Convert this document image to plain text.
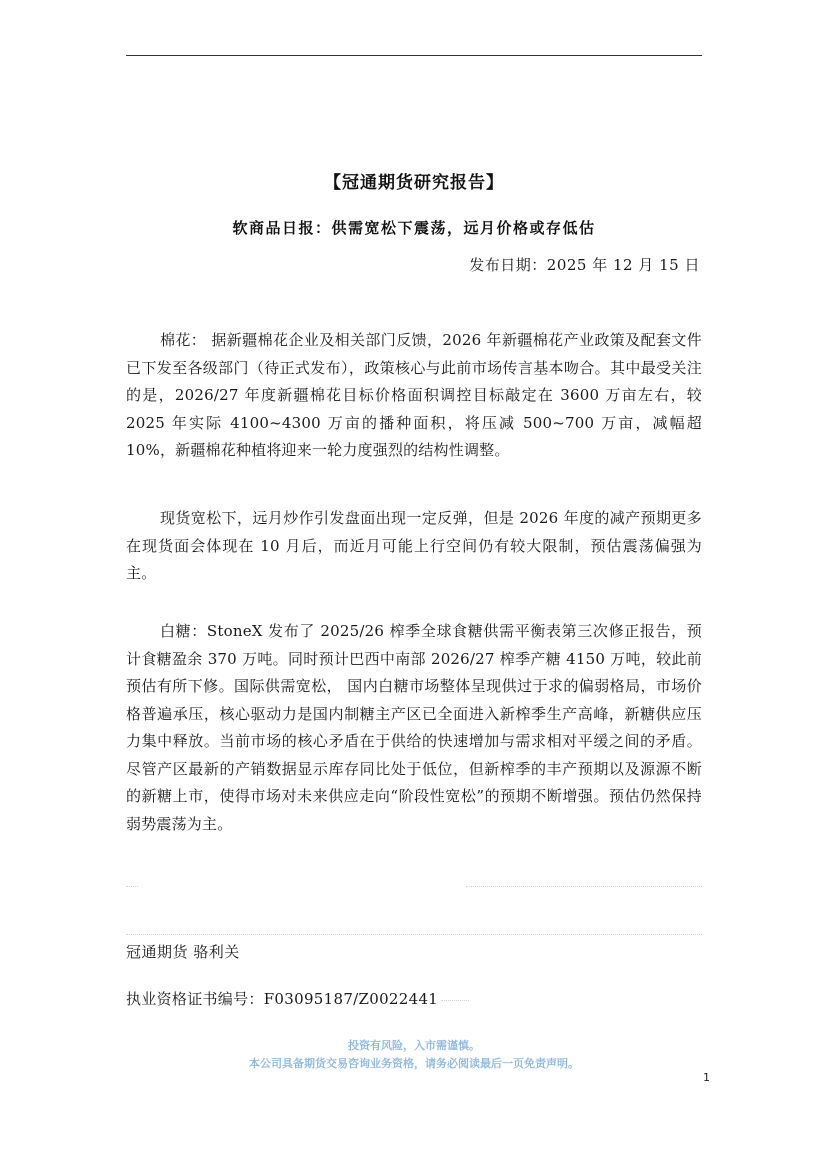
【冠通期货研究报告】
软商品日报：供需宽松下震荡，远月价格或存低估
发布日期：2025 年 12 月 15 日
棉花： 据新疆棉花企业及相关部门反馈，2026 年新疆棉花产业政策及配套文件已下发至各级部门（待正式发布），政策核心与此前市场传言基本吻合。其中最受关注的是，2026/27 年度新疆棉花目标价格面积调控目标敲定在 3600 万亩左右，较 2025 年实际 4100~4300 万亩的播种面积，将压减 500~700 万亩，减幅超 10%，新疆棉花种植将迎来一轮力度强烈的结构性调整。
现货宽松下，远月炒作引发盘面出现一定反弹，但是 2026 年度的减产预期更多在现货面会体现在 10 月后，而近月可能上行空间仍有较大限制，预估震荡偏强为主。
白糖：StoneX 发布了 2025/26 榨季全球食糖供需平衡表第三次修正报告，预计食糖盈余 370 万吨。同时预计巴西中南部 2026/27 榨季产糖 4150 万吨，较此前预估有所下修。国际供需宽松， 国内白糖市场整体呈现供过于求的偏弱格局，市场价格普遍承压，核心驱动力是国内制糖主产区已全面进入新榨季生产高峰，新糖供应压力集中释放。当前市场的核心矛盾在于供给的快速增加与需求相对平缓之间的矛盾。尽管产区最新的产销数据显示库存同比处于低位，但新榨季的丰产预期以及源源不断的新糖上市，使得市场对未来供应走向“阶段性宽松”的预期不断增强。预估仍然保持弱势震荡为主。
冠通期货 骆利关
执业资格证书编号：F03095187/Z0022441
投资有风险，入市需谨慎。
本公司具备期货交易咨询业务资格，请务必阅读最后一页免责声明。
1
